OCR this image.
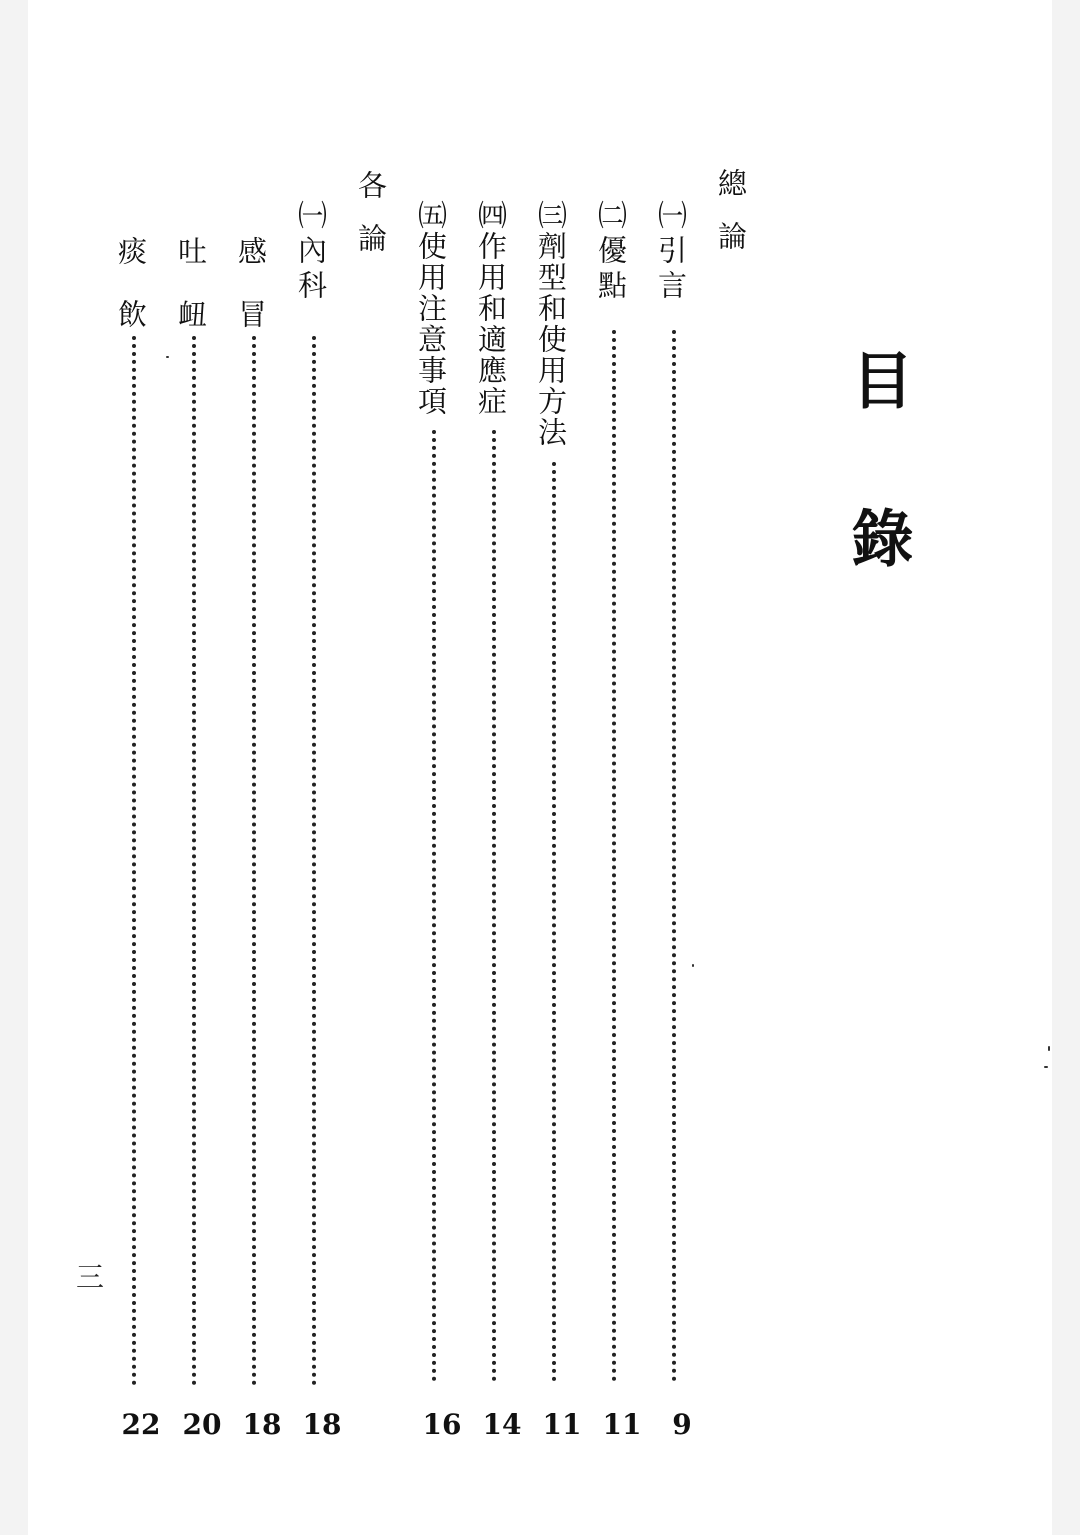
目錄
總論
㈠引言
9
㈡優點
11
㈢劑型和使用方法
11
㈣作用和適應症
14
㈤使用注意事項
16
各論
㈠內科
18
感冒
18
吐衄
20
痰飲
22
三
